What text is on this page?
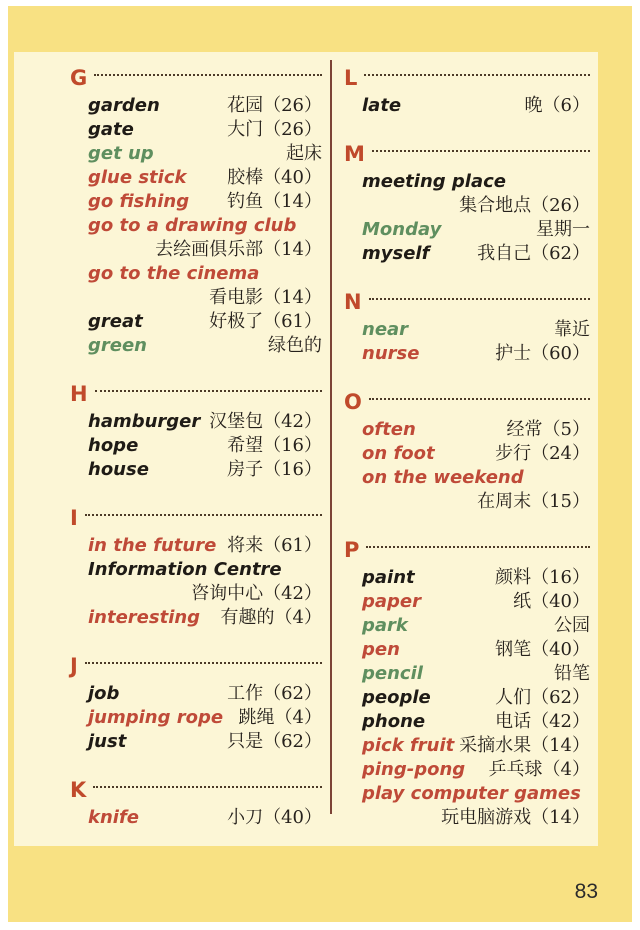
G
garden	花园（26）
gate	大门（26）
get up	起床
glue stick 胶棒（40）
go fishing 钓鱼（14）
go to a drawing club
去绘画俱乐部（14）
go to the cinema
看电影（14）
great	好极了（61）
green	绿色的
H
hamburger 汉堡包（42）
hope	希望（16）
house	房子（16）
I
in the future 将来（61）
Information Centre
咨询中心（42）
interesting 有趣的（4）
J
job	工作（62）
jumping rope 跳绳（4）
just	只是（62）
K
knife	小刀（40）
L
late	晚（6）
M
meeting place
集合地点（26）
Monday	星期一
myself	我自己（62）
N
near	靠近
nurse	护士（60）
O
often	经常（5）
on foot	步行（24）
on the weekend
在周末（15）
P
paint	颜料（16）
paper	纸（40）
park	公园
pen	钢笔（40）
pencil	铅笔
people	人们（62）
phone	电话（42）
pick fruit 采摘水果（14）
ping-pong 乒乓球（4）
play computer games
玩电脑游戏（14）
83
